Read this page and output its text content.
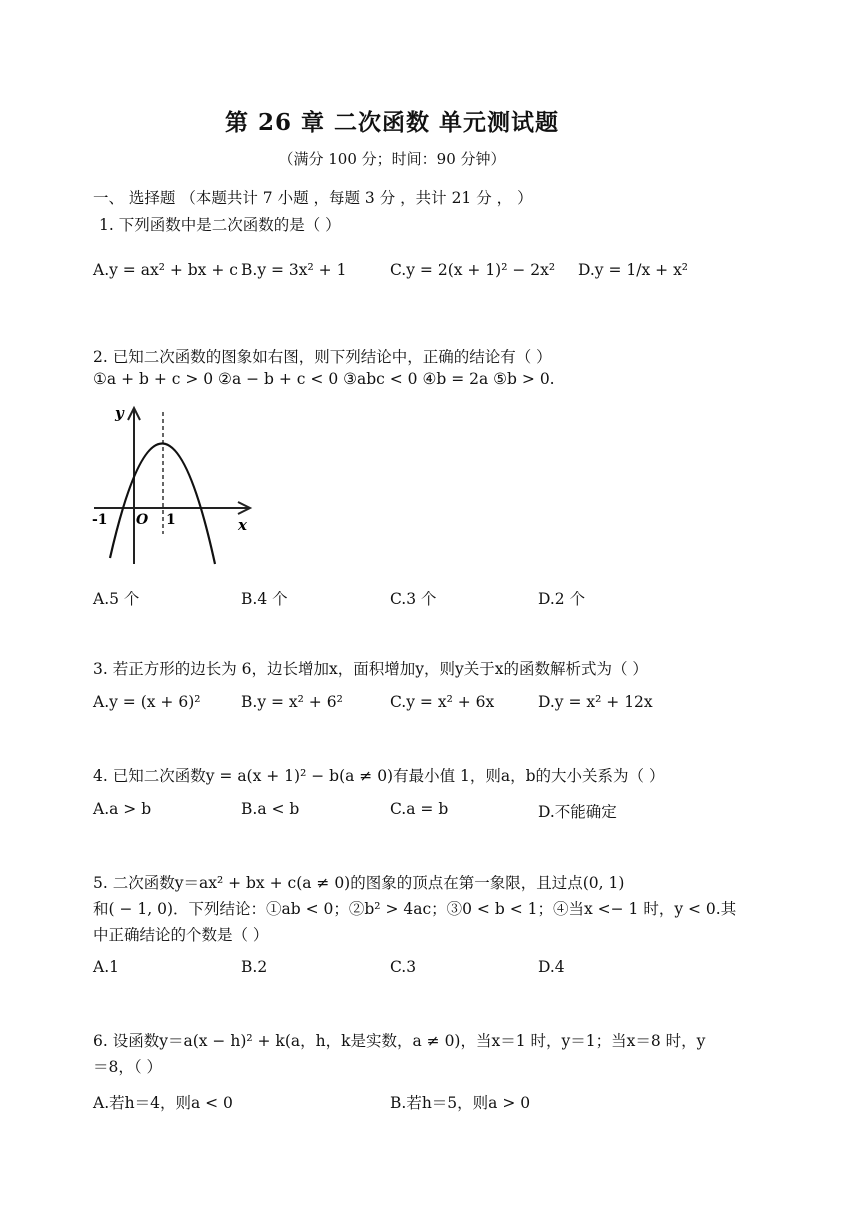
第 26 章 二次函数 单元测试题
（满分 100 分；时间：90 分钟）
一、 选择题 （本题共计 7 小题 ，每题 3 分 ，共计 21 分 ， ）
1. 下列函数中是二次函数的是（ ）
A.y = ax² + bx + c B.y = 3x² + 1	C.y = 2(x + 1)² − 2x² D.y = 1/x + x²
2. 已知二次函数的图象如右图，则下列结论中，正确的结论有（ ）
①a + b + c > 0 ②a − b + c < 0 ③abc < 0 ④b = 2a ⑤b > 0.
y
x
O
-1	1
A.5 个	B.4 个	C.3 个	D.2 个
3. 若正方形的边长为 6，边长增加x，面积增加y，则y关于x的函数解析式为（ ）
A.y = (x + 6)²	B.y = x² + 6²	C.y = x² + 6x	D.y = x² + 12x
4. 已知二次函数y = a(x + 1)² − b(a ≠ 0)有最小值 1，则a，b的大小关系为（ ）
A.a > b	B.a < b	C.a = b	D.不能确定
5. 二次函数y＝ax² + bx + c(a ≠ 0)的图象的顶点在第一象限，且过点(0, 1)
和( − 1, 0)．下列结论：①ab < 0；②b² > 4ac；③0 < b < 1；④当x <− 1 时，y < 0.其
中正确结论的个数是（ ）
A.1	B.2	C.3	D.4
6. 设函数y＝a(x − h)² + k(a，h，k是实数，a ≠ 0)，当x＝1 时，y＝1；当x＝8 时，y
＝8，（ ）
A.若h＝4，则a < 0	B.若h＝5，则a > 0
